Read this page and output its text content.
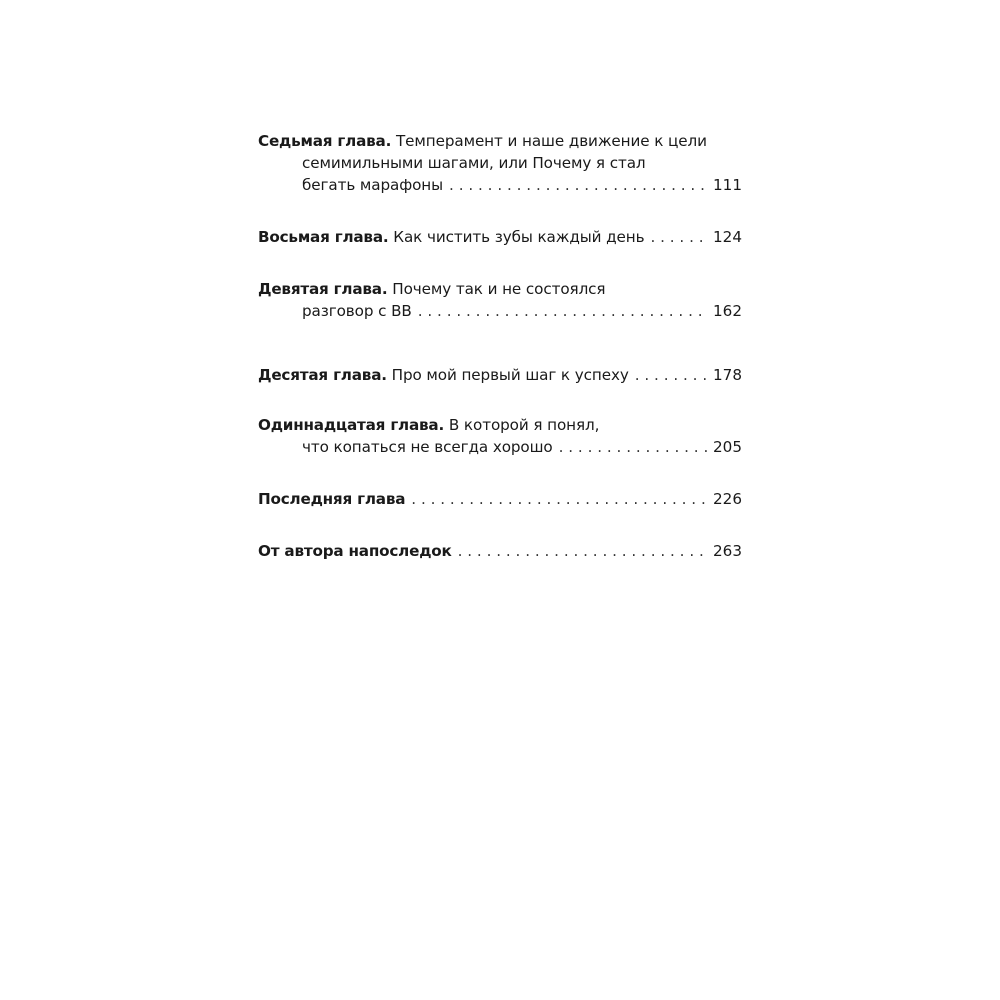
Седьмая глава.
Темперамент и наше движение к цели
семимильными шагами, или Почему я стал
бегать марафоны . . .	111
Восьмая глава.
Как чистить зубы каждый день . . .	124
Девятая глава.
Почему так и не состоялся
разговор с ВВ . . .	162
Десятая глава.
Про мой первый шаг к успеху . . .	178
Одиннадцатая глава.
В которой я понял,
что копаться не всегда хорошо . . .	205
Последняя глава . . .	226
От автора напоследок . . .	263
